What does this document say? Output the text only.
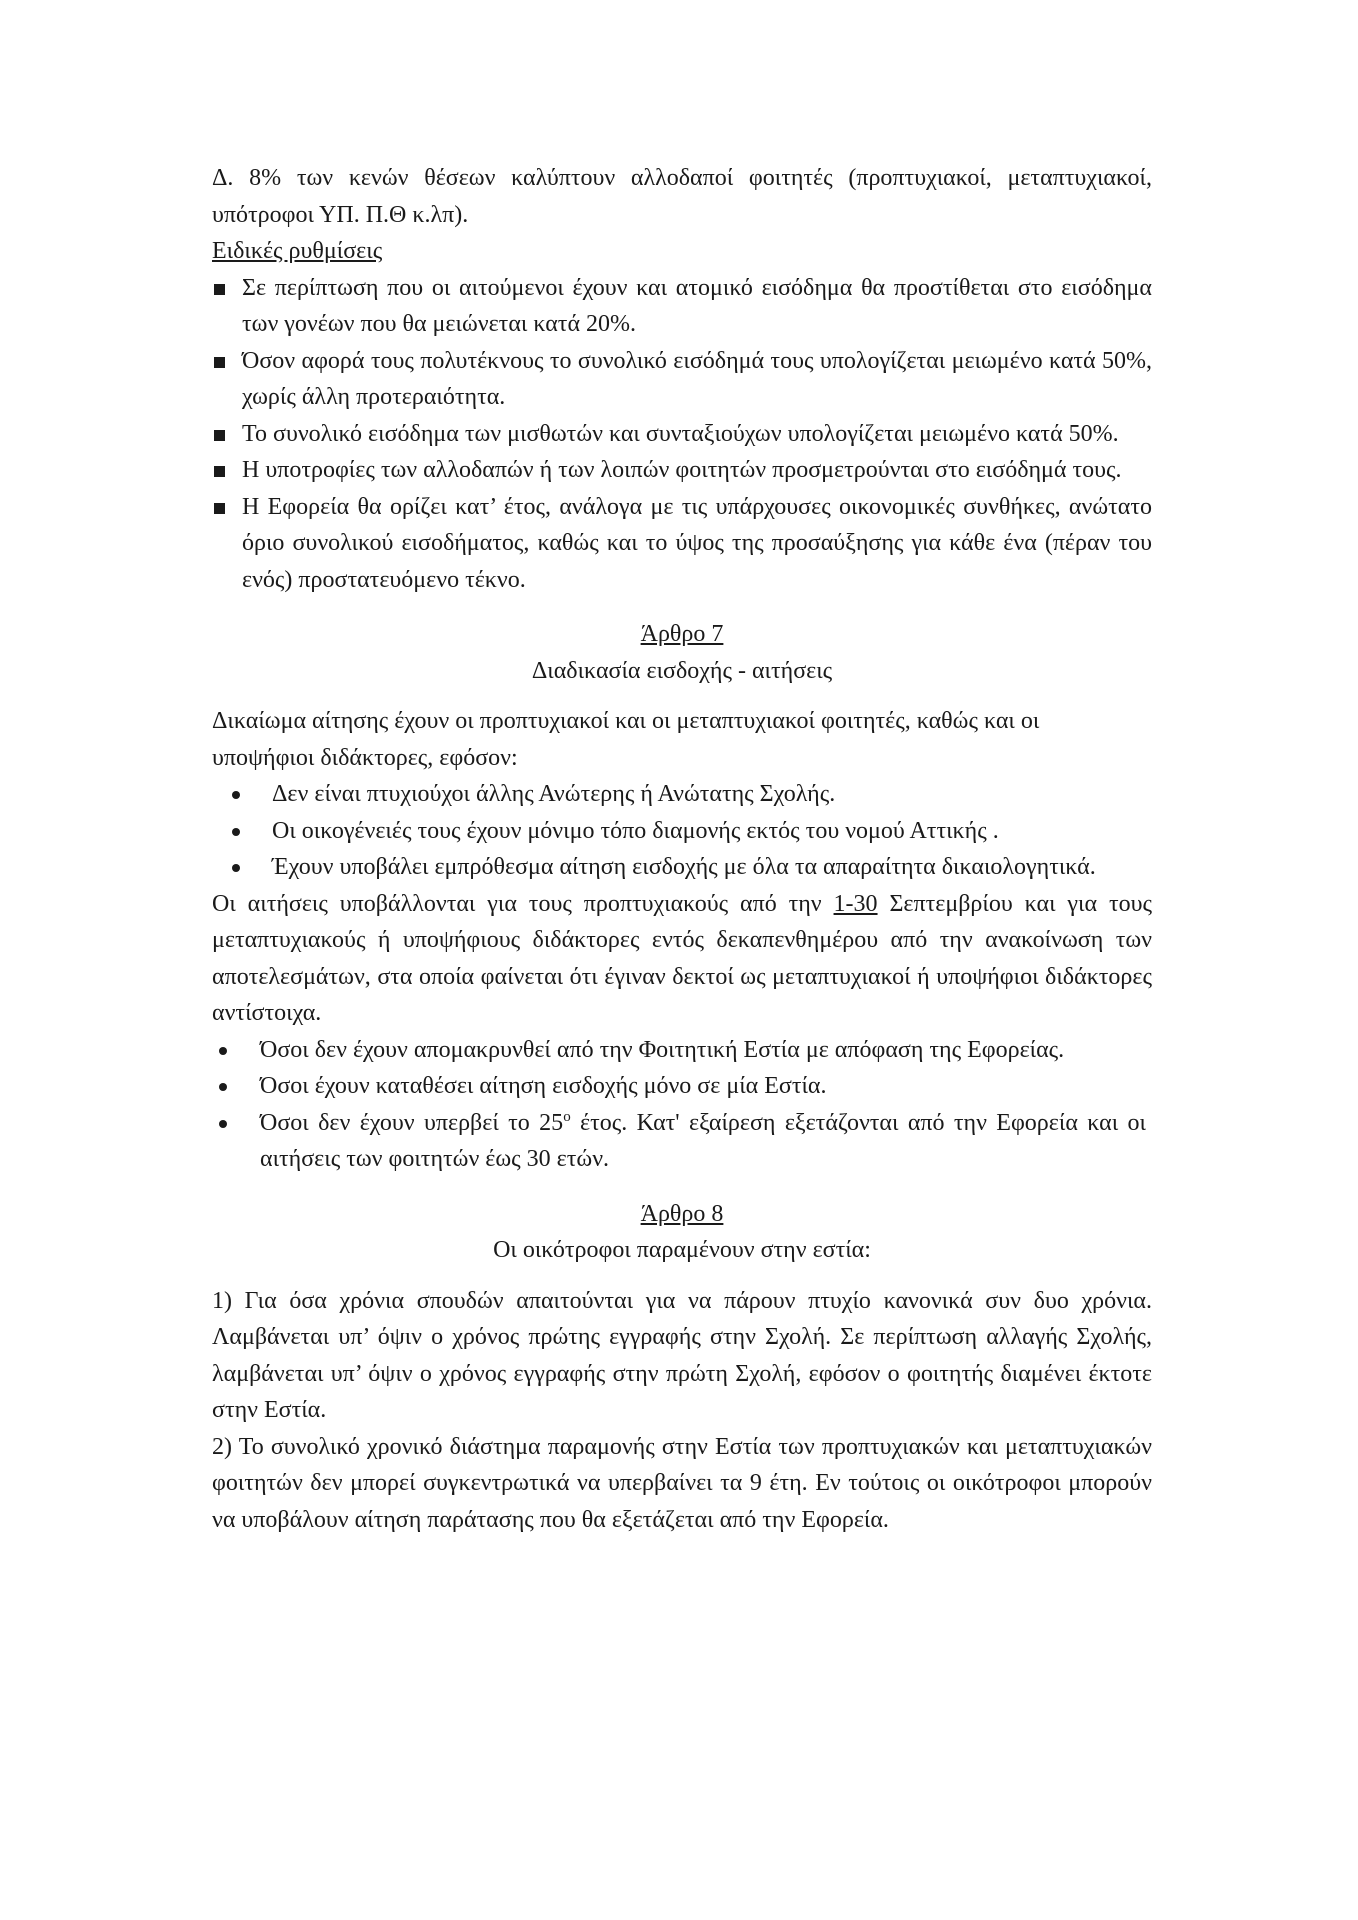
Δ. 8% των κενών θέσεων καλύπτουν αλλοδαποί φοιτητές (προπτυχιακοί, μεταπτυχιακοί, υπότροφοι ΥΠ. Π.Θ κ.λπ).

Ειδικές ρυθμίσεις
Σε περίπτωση που οι αιτούμενοι έχουν και ατομικό εισόδημα θα προστίθεται στο εισόδημα των γονέων που θα μειώνεται κατά 20%.
Όσον αφορά τους πολυτέκνους το συνολικό εισόδημά τους υπολογίζεται μειωμένο κατά 50%, χωρίς άλλη προτεραιότητα.
Το συνολικό εισόδημα των μισθωτών και συνταξιούχων υπολογίζεται μειωμένο κατά 50%.
Η υποτροφίες των αλλοδαπών ή των λοιπών φοιτητών προσμετρούνται στο εισόδημά τους.
Η Εφορεία θα ορίζει κατ’ έτος, ανάλογα με τις υπάρχουσες οικονομικές συνθήκες, ανώτατο όριο συνολικού εισοδήματος, καθώς και το ύψος της προσαύξησης για κάθε ένα (πέραν του ενός) προστατευόμενο τέκνο.
Άρθρο 7
Διαδικασία εισδοχής - αιτήσεις

Δικαίωμα αίτησης έχουν οι προπτυχιακοί και οι μεταπτυχιακοί φοιτητές, καθώς και οι υποψήφιοι διδάκτορες, εφόσον:

Δεν είναι πτυχιούχοι άλλης Ανώτερης ή Ανώτατης Σχολής.
Οι οικογένειές τους έχουν μόνιμο τόπο διαμονής εκτός του νομού Αττικής .
Έχουν υποβάλει εμπρόθεσμα αίτηση εισδοχής με όλα τα απαραίτητα δικαιολογητικά.

Οι αιτήσεις υποβάλλονται για τους προπτυχιακούς από την 1-30 Σεπτεμβρίου και για τους μεταπτυχιακούς ή υποψήφιους διδάκτορες εντός δεκαπενθημέρου από την ανακοίνωση των αποτελεσμάτων, στα οποία φαίνεται ότι έγιναν δεκτοί ως μεταπτυχιακοί ή υποψήφιοι διδάκτορες αντίστοιχα.

Όσοι δεν έχουν απομακρυνθεί από την Φοιτητική Εστία με απόφαση της Εφορείας.
Όσοι έχουν καταθέσει αίτηση εισδοχής μόνο σε μία Εστία.
Όσοι δεν έχουν υπερβεί το $25^o$ έτος. Κατ' εξαίρεση εξετάζονται από την Εφορεία και οι αιτήσεις των φοιτητών έως 30 ετών.
Άρθρο 8
Οι οικότροφοι παραμένουν στην εστία:

1) Για όσα χρόνια σπουδών απαιτούνται για να πάρουν πτυχίο κανονικά συν δυο χρόνια. Λαμβάνεται υπ’ όψιν ο χρόνος πρώτης εγγραφής στην Σχολή. Σε περίπτωση αλλαγής Σχολής, λαμβάνεται υπ’ όψιν ο χρόνος εγγραφής στην πρώτη Σχολή, εφόσον ο φοιτητής διαμένει έκτοτε στην Εστία.

2) Το συνολικό χρονικό διάστημα παραμονής στην Εστία των προπτυχιακών και μεταπτυχιακών φοιτητών δεν μπορεί συγκεντρωτικά να υπερβαίνει τα 9 έτη. Εν τούτοις οι οικότροφοι μπορούν να υποβάλουν αίτηση παράτασης που θα εξετάζεται από την Εφορεία.
